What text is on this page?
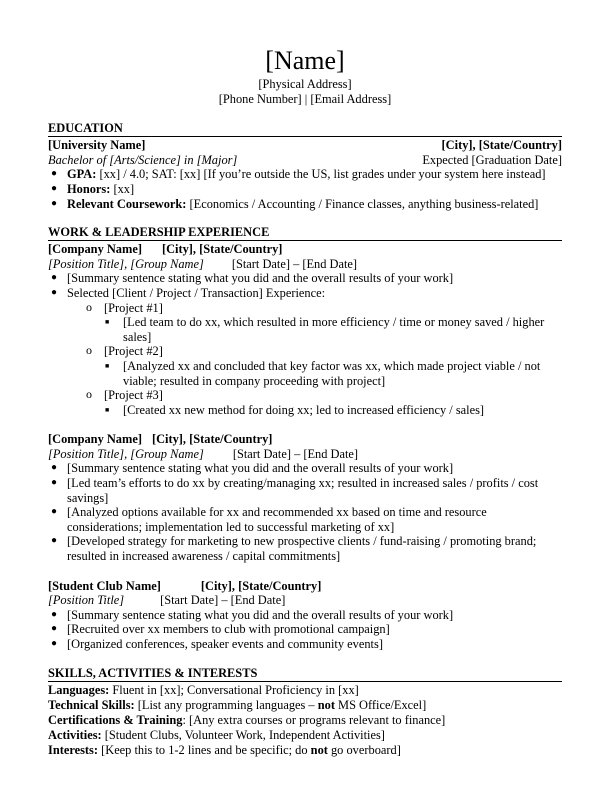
[Name]
[Physical Address]
[Phone Number] | [Email Address]
EDUCATION
[University Name]	[City], [State/Country]
Bachelor of [Arts/Science] in [Major]	Expected [Graduation Date]
● GPA: [xx] / 4.0; SAT: [xx] [If you’re outside the US, list grades under your system here instead]
● Honors: [xx]
● Relevant Coursework: [Economics / Accounting / Finance classes, anything business-related]
WORK & LEADERSHIP EXPERIENCE
[Company Name] [City], [State/Country]
[Position Title], [Group Name] [Start Date] – [End Date]
● [Summary sentence stating what you did and the overall results of your work]
● Selected [Client / Project / Transaction] Experience:
o [Project #1]
■ [Led team to do xx, which resulted in more efficiency / time or money saved / higher sales]
o [Project #2]
■ [Analyzed xx and concluded that key factor was xx, which made project viable / not viable; resulted in company proceeding with project]
o [Project #3]
■ [Created xx new method for doing xx; led to increased efficiency / sales]
[Company Name] [City], [State/Country]
[Position Title], [Group Name] [Start Date] – [End Date]
● [Summary sentence stating what you did and the overall results of your work]
● [Led team’s efforts to do xx by creating/managing xx; resulted in increased sales / profits / cost savings]
● [Analyzed options available for xx and recommended xx based on time and resource considerations; implementation led to successful marketing of xx]
● [Developed strategy for marketing to new prospective clients / fund-raising / promoting brand; resulted in increased awareness / capital commitments]
[Student Club Name]	[City], [State/Country]
[Position Title]	[Start Date] – [End Date]
● [Summary sentence stating what you did and the overall results of your work]
● [Recruited over xx members to club with promotional campaign]
● [Organized conferences, speaker events and community events]
SKILLS, ACTIVITIES & INTERESTS
Languages: Fluent in [xx]; Conversational Proficiency in [xx]
Technical Skills: [List any programming languages – not MS Office/Excel]
Certifications & Training: [Any extra courses or programs relevant to finance]
Activities: [Student Clubs, Volunteer Work, Independent Activities]
Interests: [Keep this to 1-2 lines and be specific; do not go overboard]
